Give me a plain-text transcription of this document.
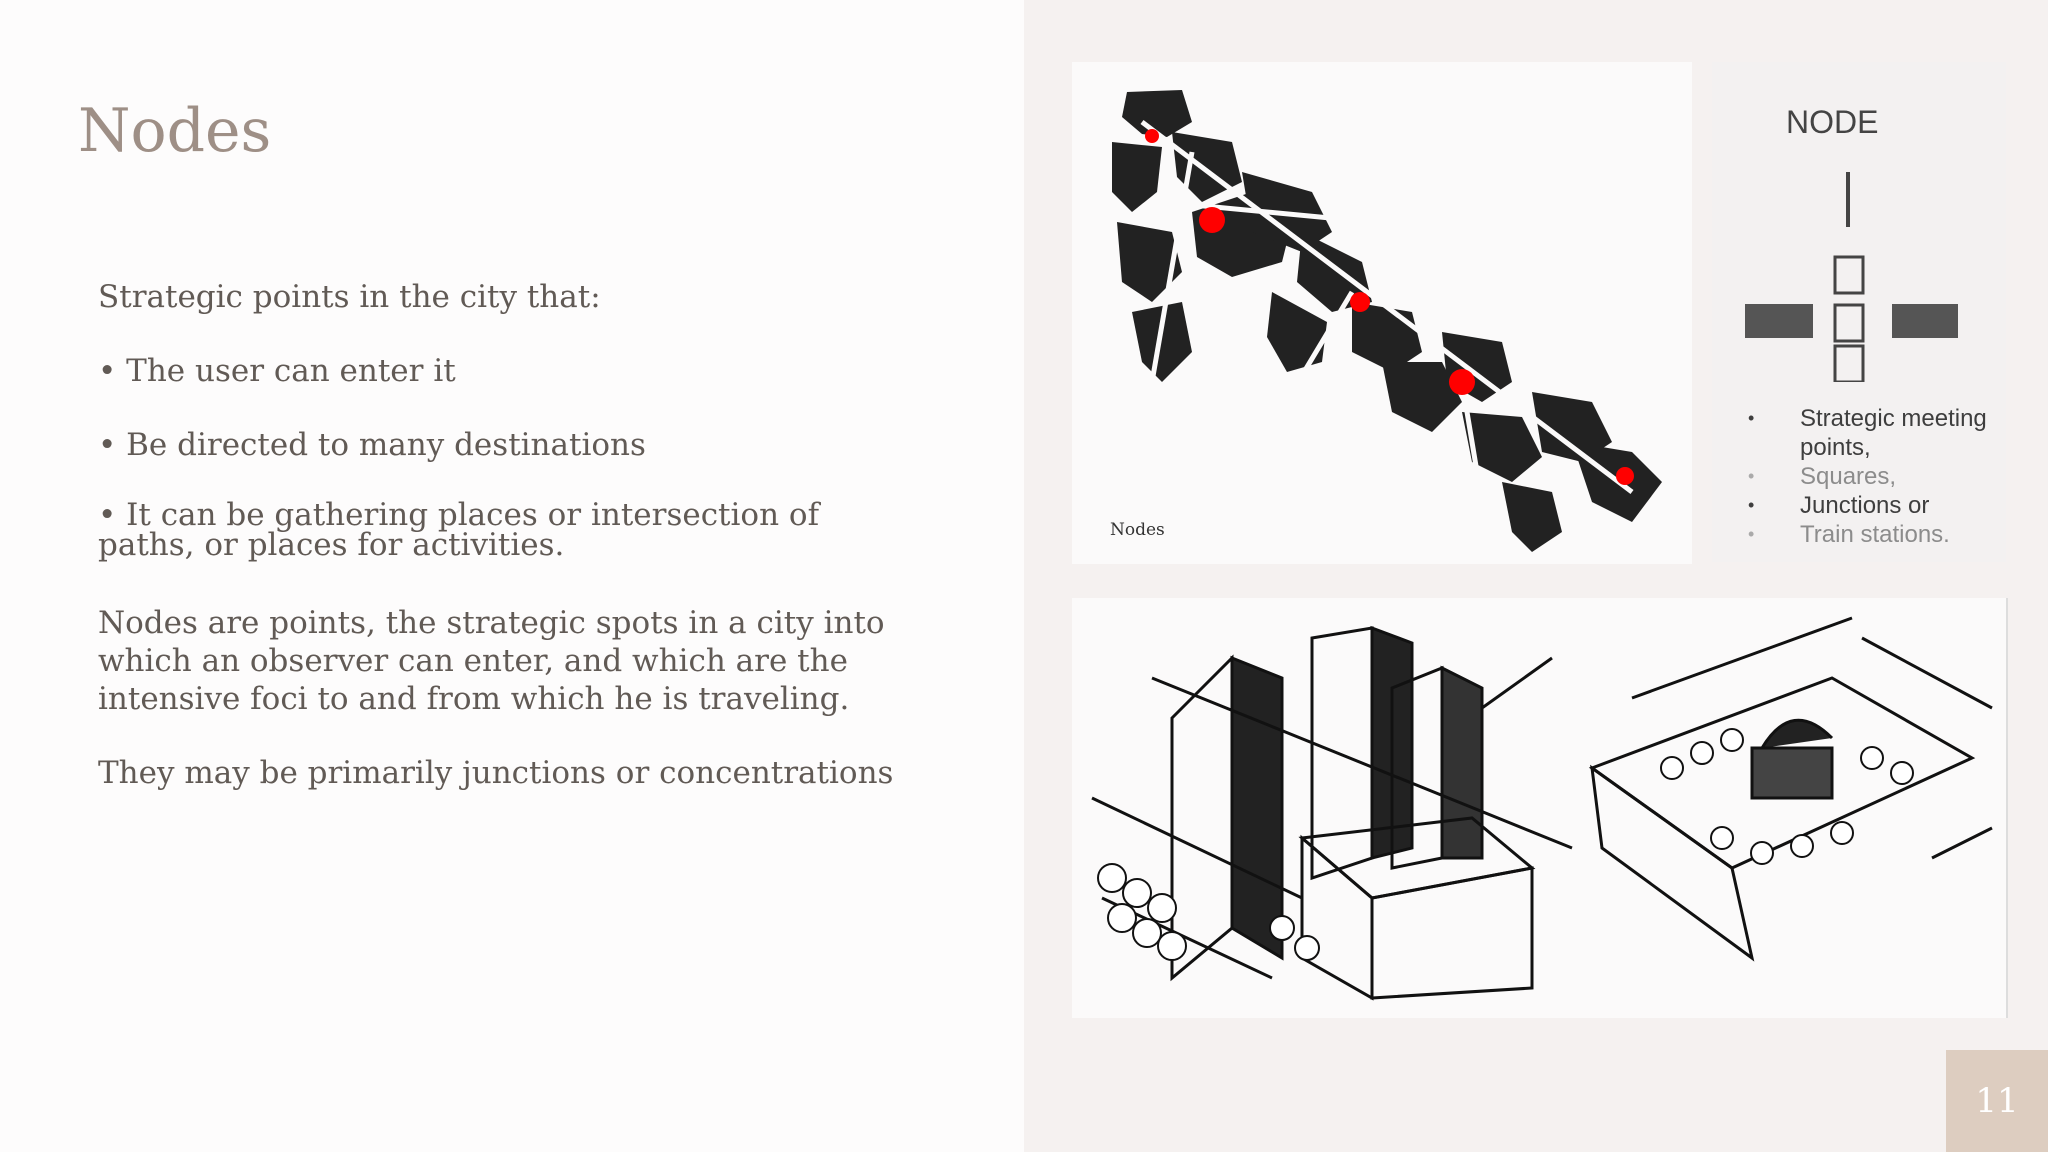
Nodes

Strategic points in the city that:

• The user can enter it

• Be directed to many destinations

• It can be gathering places or intersection of paths, or places for activities.

Nodes are points, the strategic spots in a city into which an observer can enter, and which are the intensive foci to and from which he is traveling.

They may be primarily junctions or concentrations

Nodes
NODE
• Strategic meeting points,
• Squares,
• Junctions or
• Train stations.
11
